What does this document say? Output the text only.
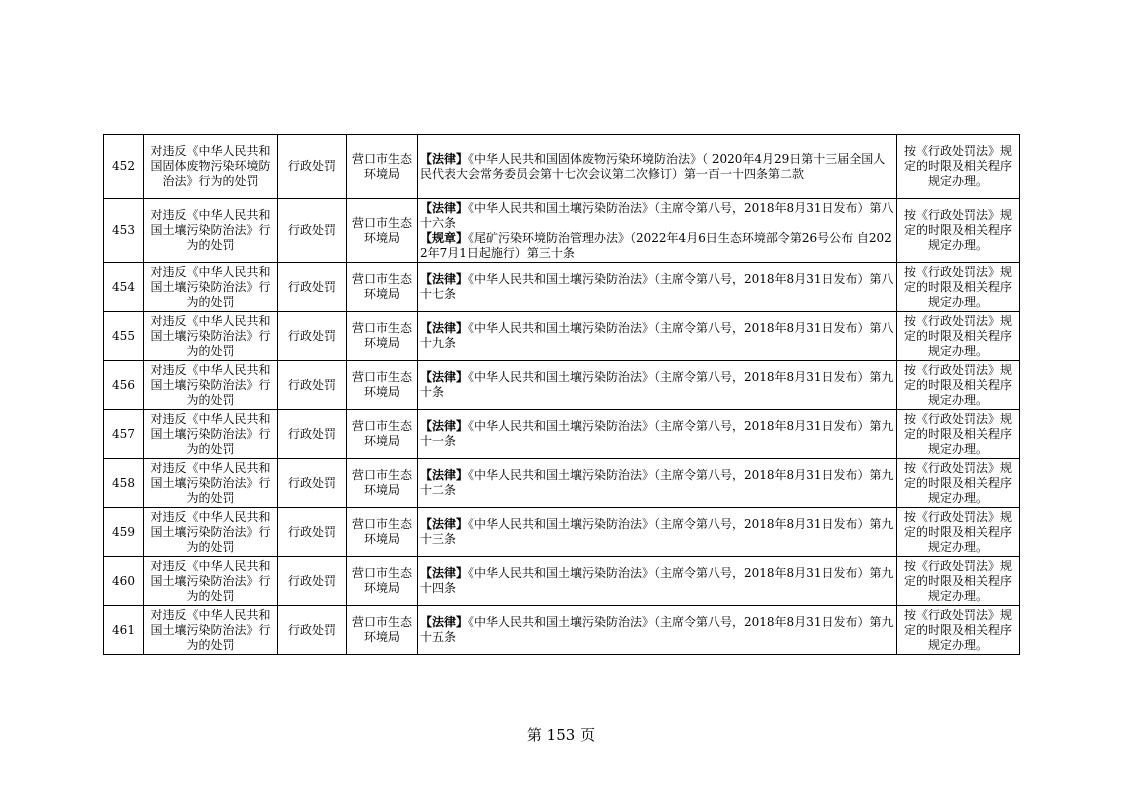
452	对违反《中华人民共和国固体废物污染环境防治法》行为的处罚	行政处罚	营口市生态环境局	【法律】《中华人民共和国固体废物污染环境防治法》（ 2020年4月29日第十三届全国人民代表大会常务委员会第十七次会议第二次修订）第一百一十四条第二款	按《行政处罚法》规定的时限及相关程序规定办理。
453	对违反《中华人民共和国土壤污染防治法》行为的处罚	行政处罚	营口市生态环境局	【法律】《中华人民共和国土壤污染防治法》（主席令第八号，2018年8月31日发布）第八十六条
【规章】《尾矿污染环境防治管理办法》（2022年4月6日生态环境部令第26号公布 自2022年7月1日起施行）第三十条	按《行政处罚法》规定的时限及相关程序规定办理。
454	对违反《中华人民共和国土壤污染防治法》行为的处罚	行政处罚	营口市生态环境局	【法律】《中华人民共和国土壤污染防治法》（主席令第八号，2018年8月31日发布）第八十七条	按《行政处罚法》规定的时限及相关程序规定办理。
455	对违反《中华人民共和国土壤污染防治法》行为的处罚	行政处罚	营口市生态环境局	【法律】《中华人民共和国土壤污染防治法》（主席令第八号，2018年8月31日发布）第八十九条	按《行政处罚法》规定的时限及相关程序规定办理。
456	对违反《中华人民共和国土壤污染防治法》行为的处罚	行政处罚	营口市生态环境局	【法律】《中华人民共和国土壤污染防治法》（主席令第八号，2018年8月31日发布）第九十条	按《行政处罚法》规定的时限及相关程序规定办理。
457	对违反《中华人民共和国土壤污染防治法》行为的处罚	行政处罚	营口市生态环境局	【法律】《中华人民共和国土壤污染防治法》（主席令第八号，2018年8月31日发布）第九十一条	按《行政处罚法》规定的时限及相关程序规定办理。
458	对违反《中华人民共和国土壤污染防治法》行为的处罚	行政处罚	营口市生态环境局	【法律】《中华人民共和国土壤污染防治法》（主席令第八号，2018年8月31日发布）第九十二条	按《行政处罚法》规定的时限及相关程序规定办理。
459	对违反《中华人民共和国土壤污染防治法》行为的处罚	行政处罚	营口市生态环境局	【法律】《中华人民共和国土壤污染防治法》（主席令第八号，2018年8月31日发布）第九十三条	按《行政处罚法》规定的时限及相关程序规定办理。
460	对违反《中华人民共和国土壤污染防治法》行为的处罚	行政处罚	营口市生态环境局	【法律】《中华人民共和国土壤污染防治法》（主席令第八号，2018年8月31日发布）第九十四条	按《行政处罚法》规定的时限及相关程序规定办理。
461	对违反《中华人民共和国土壤污染防治法》行为的处罚	行政处罚	营口市生态环境局	【法律】《中华人民共和国土壤污染防治法》（主席令第八号，2018年8月31日发布）第九十五条	按《行政处罚法》规定的时限及相关程序规定办理。
第 153 页
